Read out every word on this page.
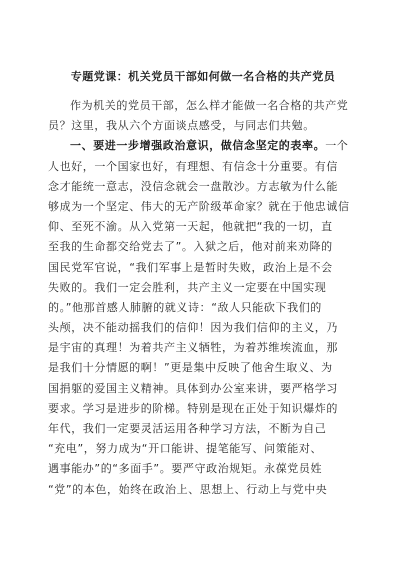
专题党课：机关党员干部如何做一名合格的共产党员
作为机关的党员干部，怎么样才能做一名合格的共产党
员？这里，我从六个方面谈点感受，与同志们共勉。
一、要进一步增强政治意识，做信念坚定的表率。一个
人也好，一个国家也好，有理想、有信念十分重要。有信
念才能统一意志，没信念就会一盘散沙。方志敏为什么能
够成为一个坚定、伟大的无产阶级革命家？就在于他忠诚信
仰、至死不渝。从入党第一天起，他就把“我的一切，直
至我的生命都交给党去了”。入狱之后，他对前来劝降的
国民党军官说，“我们军事上是暂时失败，政治上是不会
失败的。我们一定会胜利，共产主义一定要在中国实现
的。”他那首感人肺腑的就义诗：“敌人只能砍下我们的
头颅，决不能动摇我们的信仰！因为我们信仰的主义，乃
是宇宙的真理！为着共产主义牺牲，为着苏维埃流血，那
是我们十分情愿的啊！”更是集中反映了他舍生取义、为
国捐躯的爱国主义精神。具体到办公室来讲，要严格学习
要求。学习是进步的阶梯。特别是现在正处于知识爆炸的
年代，我们一定要灵活运用各种学习方法，不断为自己
“充电”，努力成为“开口能讲、提笔能写、问策能对、
遇事能办”的“多面手”。要严守政治规矩。永葆党员姓
“党”的本色，始终在政治上、思想上、行动上与党中央
